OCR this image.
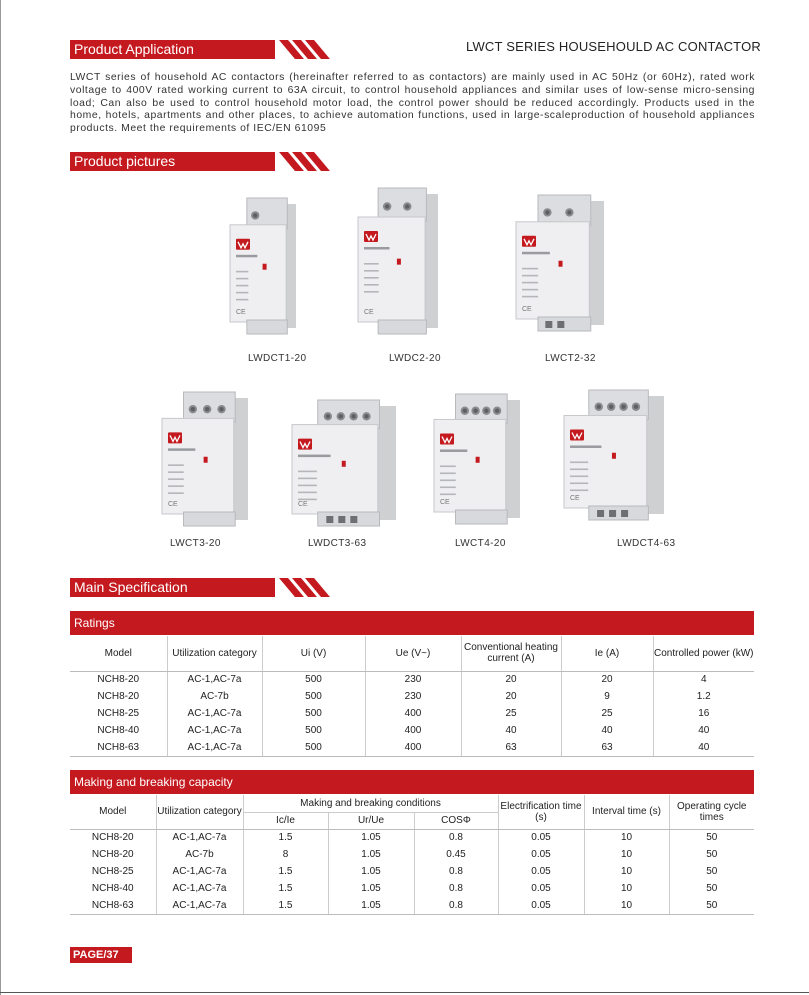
Product Application	LWCT SERIES HOUSEHOULD AC CONTACTOR

LWCT series of household AC contactors (hereinafter referred to as contactors) are mainly used in AC 50Hz (or 60Hz), rated work voltage to 400V rated working current to 63A circuit, to control household appliances and similar uses of low-sense micro-sensing load; Can also be used to control household motor load, the control power should be reduced accordingly. Products used in the home, hotels, apartments and other places, to achieve automation functions, used in large-scaleproduction of household appliances products. Meet the requirements of IEC/EN 61095

Product pictures
CE
LWDCT1-20
CE
LWDC2-20
CE
LWCT2-32
CE
LWCT3-20
CE
LWDCT3-63
CE
LWCT4-20
CE
LWDCT4-63
Main Specification
Ratings
Model	Utilization category	Ui (V)	Ue (V~)	Conventional heating current (A)	Ie (A)	Controlled power (kW)
NCH8-20	AC-1,AC-7a	500	230	20	20	4
NCH8-20	AC-7b	500	230	20	9	1.2
NCH8-25	AC-1,AC-7a	500	400	25	25	16
NCH8-40	AC-1,AC-7a	500	400	40	40	40
NCH8-63	AC-1,AC-7a	500	400	63	63	40
Making and breaking capacity
Model	Utilization category	Making and breaking conditions			Electrification time (s)	Interval time (s)	Operating cycle times
		Ic/Ie	Ur/Ue	COSΦ			
NCH8-20	AC-1,AC-7a	1.5	1.05	0.8	0.05	10	50
NCH8-20	AC-7b	8	1.05	0.45	0.05	10	50
NCH8-25	AC-1,AC-7a	1.5	1.05	0.8	0.05	10	50
NCH8-40	AC-1,AC-7a	1.5	1.05	0.8	0.05	10	50
NCH8-63	AC-1,AC-7a	1.5	1.05	0.8	0.05	10	50
PAGE/37
